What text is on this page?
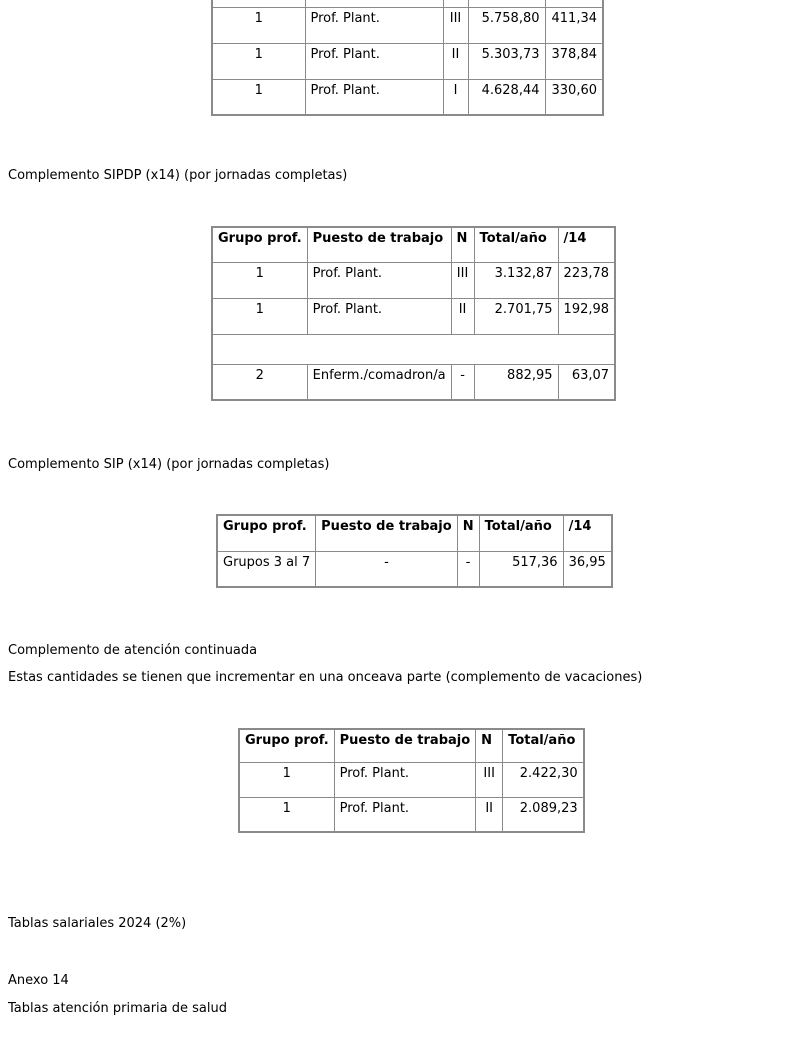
1	Prof. Plant.	III	5.758,80	411,34
1	Prof. Plant.	II	5.303,73	378,84
1	Prof. Plant.	I	4.628,44	330,60
Complemento SIPDP (x14) (por jornadas completas)
Grupo prof.	Puesto de trabajo	N	Total/año	/14
1	Prof. Plant.	III	3.132,87	223,78
1	Prof. Plant.	II	2.701,75	192,98

2	Enferm./comadron/a	-	882,95	63,07
Complemento SIP (x14) (por jornadas completas)
Grupo prof.	Puesto de trabajo	N	Total/año	/14
Grupos 3 al 7	-	-	517,36	36,95
Complemento de atención continuada
Estas cantidades se tienen que incrementar en una onceava parte (complemento de vacaciones)
Grupo prof.	Puesto de trabajo	N	Total/año
1	Prof. Plant.	III	2.422,30
1	Prof. Plant.	II	2.089,23
Tablas salariales 2024 (2%)
Anexo 14
Tablas atención primaria de salud
